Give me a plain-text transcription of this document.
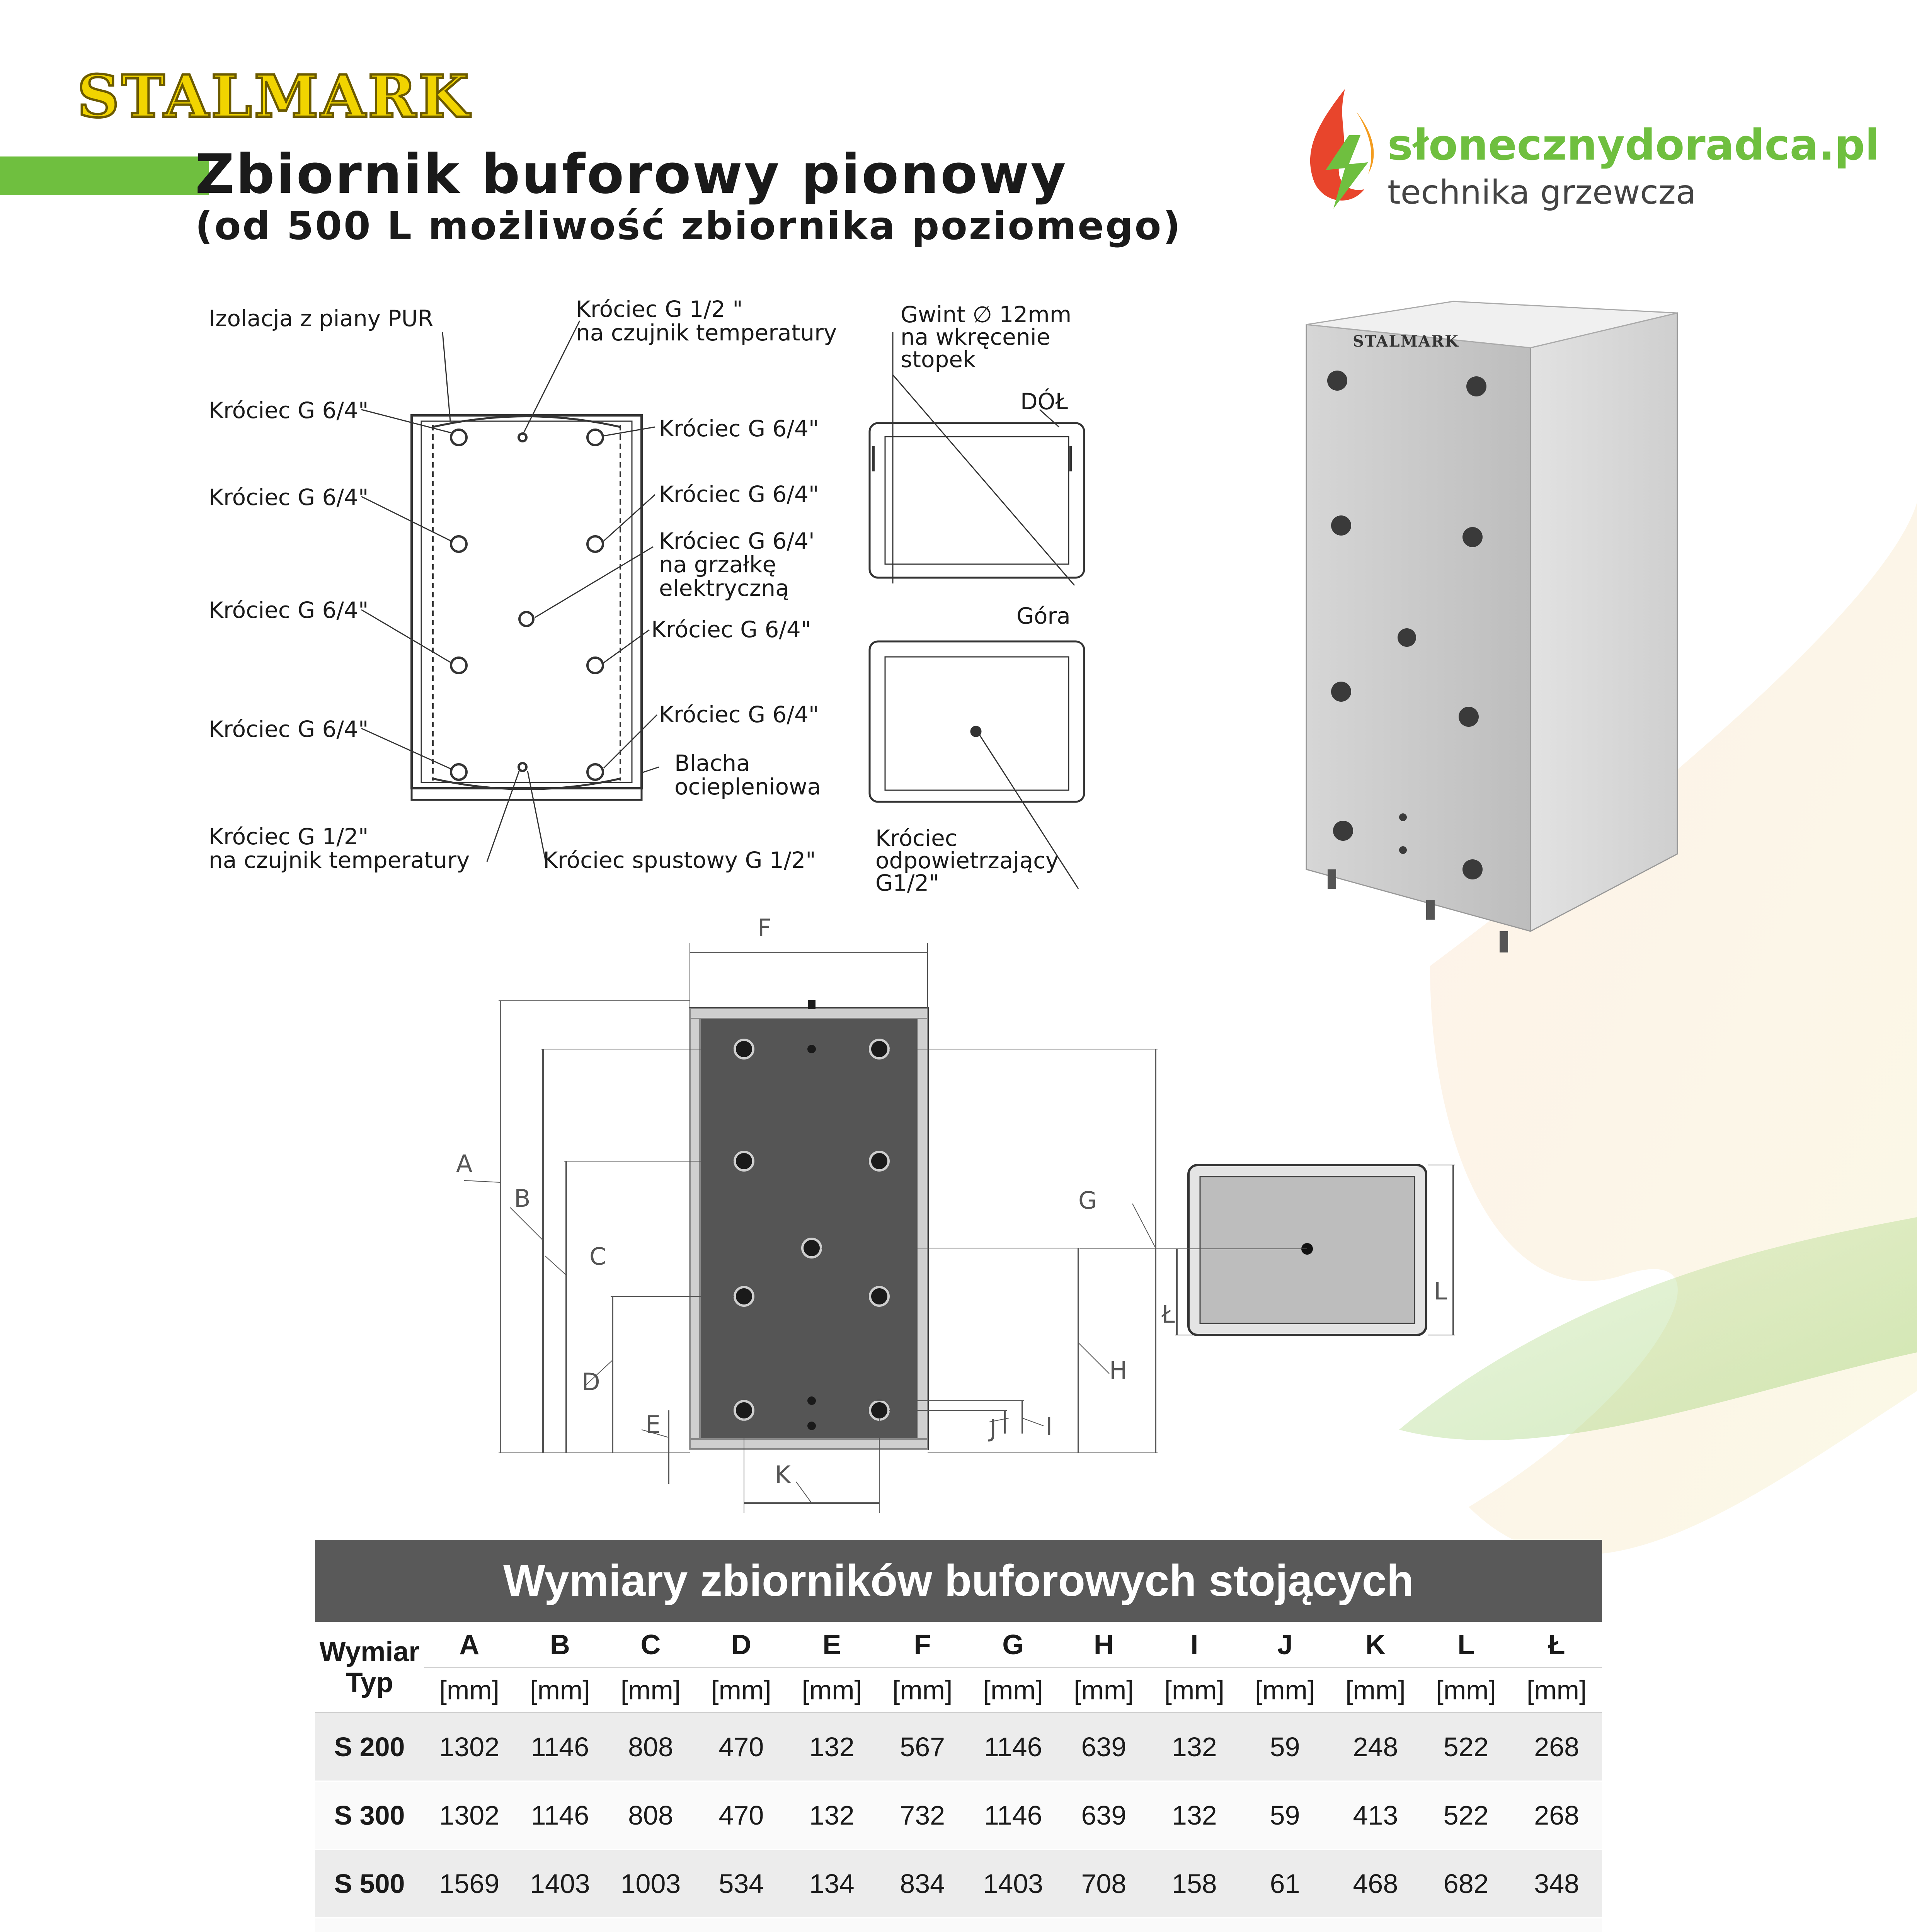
STALMARK
Zbiornik buforowy pionowy
(od 500 L możliwość zbiornika poziomego)
słonecznydoradca.pl
technika grzewcza
Izolacja z piany PUR	Króciec G 1/2 "
na czujnik temperatury
Króciec G 6/4"
Króciec G 6/4"
Króciec G 6/4"
Króciec G 6/4"
Króciec G 6/4"
Króciec G 6/4"
Króciec G 6/4'
na grzałkę
elektryczną
Króciec G 6/4"
Króciec G 6/4"
Blacha
ociepleniowa
Króciec G 1/2"
na czujnik temperatury	Króciec spustowy G 1/2"
Gwint ∅ 12mm
na wkręcenie
stopek
DÓŁ
Góra
Króciec
odpowietrzający
G1/2"
STALMARK
A
B
C
D
E
F
G
H
I
J
K
L
Ł
Wymiary zbiorników buforowych stojących													

Wymiar
Typ	A	B	C	D	E	F	G	H	I	J	K	L	Ł
	[mm]	[mm]	[mm]	[mm]	[mm]	[mm]	[mm]	[mm]	[mm]	[mm]	[mm]	[mm]	[mm]
S 200	1302	1146	808	470	132	567	1146	639	132	59	248	522	268
S 300	1302	1146	808	470	132	732	1146	639	132	59	413	522	268
S 500	1569	1403	1003	534	134	834	1403	708	158	61	468	682	348
